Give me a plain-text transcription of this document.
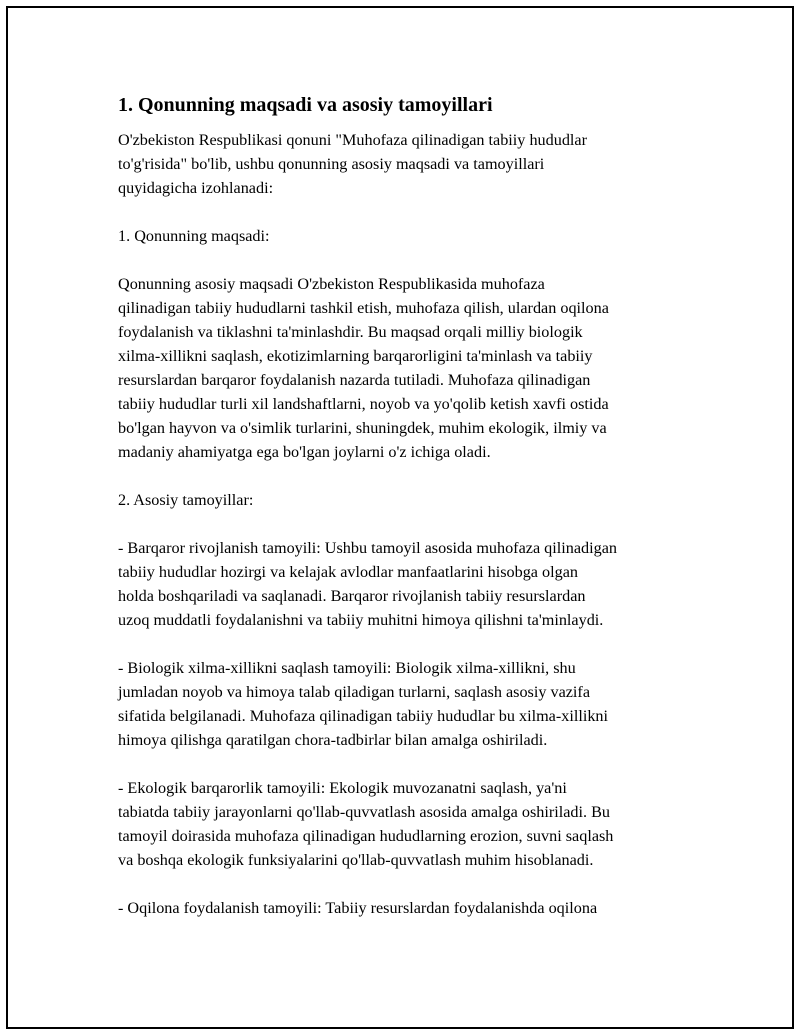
1. Qonunning maqsadi va asosiy tamoyillari

O'zbekiston Respublikasi qonuni "Muhofaza qilinadigan tabiiy hududlar
to'g'risida" bo'lib, ushbu qonunning asosiy maqsadi va tamoyillari
quyidagicha izohlanadi:

1. Qonunning maqsadi:

Qonunning asosiy maqsadi O'zbekiston Respublikasida muhofaza
qilinadigan tabiiy hududlarni tashkil etish, muhofaza qilish, ulardan oqilona
foydalanish va tiklashni ta'minlashdir. Bu maqsad orqali milliy biologik
xilma-xillikni saqlash, ekotizimlarning barqarorligini ta'minlash va tabiiy
resurslardan barqaror foydalanish nazarda tutiladi. Muhofaza qilinadigan
tabiiy hududlar turli xil landshaftlarni, noyob va yo'qolib ketish xavfi ostida
bo'lgan hayvon va o'simlik turlarini, shuningdek, muhim ekologik, ilmiy va
madaniy ahamiyatga ega bo'lgan joylarni o'z ichiga oladi.

2. Asosiy tamoyillar:

- Barqaror rivojlanish tamoyili: Ushbu tamoyil asosida muhofaza qilinadigan
tabiiy hududlar hozirgi va kelajak avlodlar manfaatlarini hisobga olgan
holda boshqariladi va saqlanadi. Barqaror rivojlanish tabiiy resurslardan
uzoq muddatli foydalanishni va tabiiy muhitni himoya qilishni ta'minlaydi.

- Biologik xilma-xillikni saqlash tamoyili: Biologik xilma-xillikni, shu
jumladan noyob va himoya talab qiladigan turlarni, saqlash asosiy vazifa
sifatida belgilanadi. Muhofaza qilinadigan tabiiy hududlar bu xilma-xillikni
himoya qilishga qaratilgan chora-tadbirlar bilan amalga oshiriladi.

- Ekologik barqarorlik tamoyili: Ekologik muvozanatni saqlash, ya'ni
tabiatda tabiiy jarayonlarni qo'llab-quvvatlash asosida amalga oshiriladi. Bu
tamoyil doirasida muhofaza qilinadigan hududlarning erozion, suvni saqlash
va boshqa ekologik funksiyalarini qo'llab-quvvatlash muhim hisoblanadi.

- Oqilona foydalanish tamoyili: Tabiiy resurslardan foydalanishda oqilona
